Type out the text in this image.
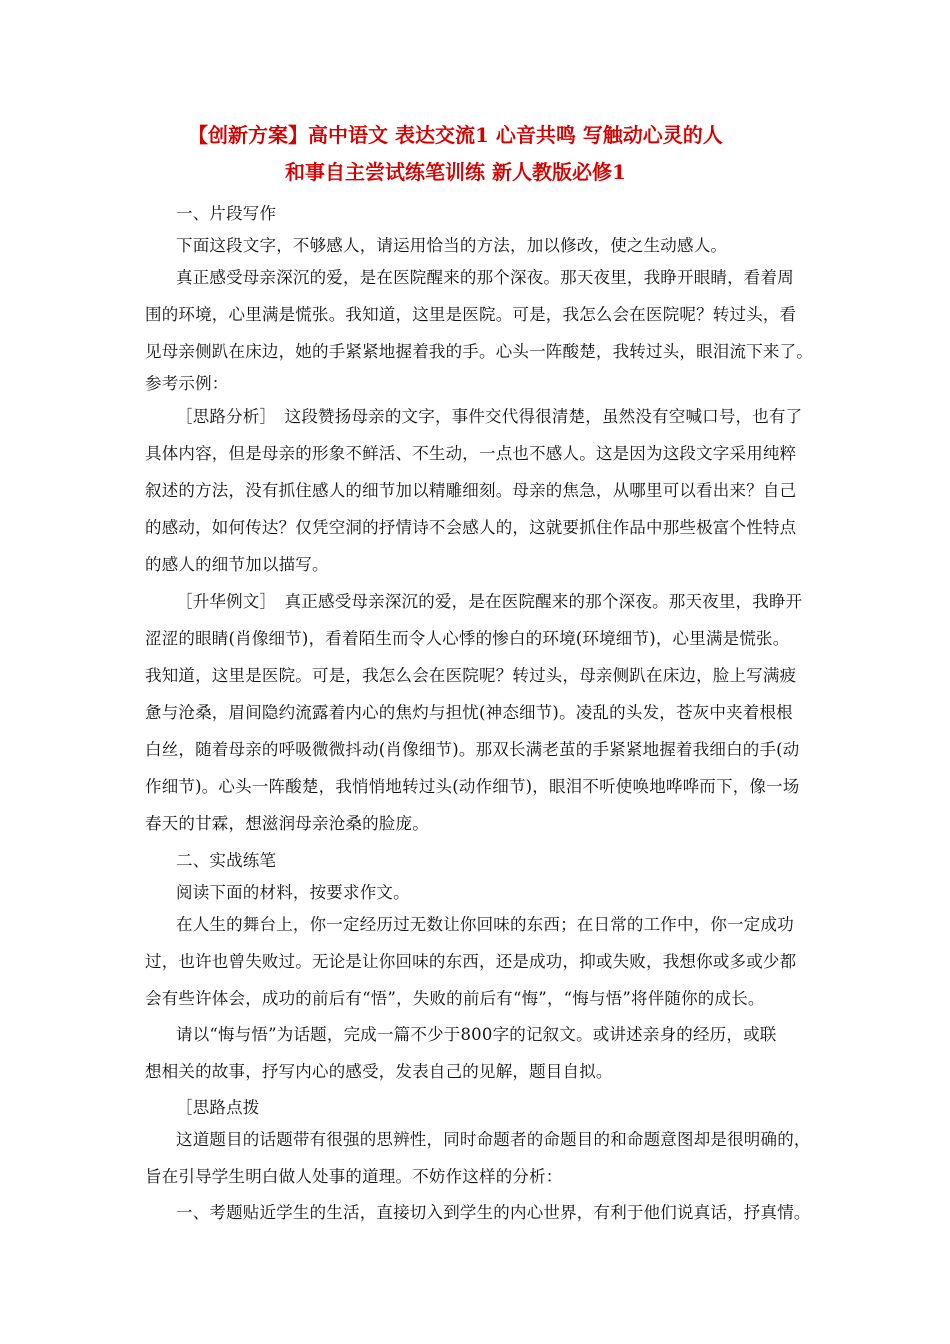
【创新方案】高中语文 表达交流1 心音共鸣 写触动心灵的人
和事自主尝试练笔训练 新人教版必修1
一、片段写作
下面这段文字，不够感人，请运用恰当的方法，加以修改，使之生动感人。
真正感受母亲深沉的爱，是在医院醒来的那个深夜。那天夜里，我睁开眼睛，看着周
围的环境，心里满是慌张。我知道，这里是医院。可是，我怎么会在医院呢？转过头，看
见母亲侧趴在床边，她的手紧紧地握着我的手。心头一阵酸楚，我转过头，眼泪流下来了。
参考示例：
［思路分析］　这段赞扬母亲的文字，事件交代得很清楚，虽然没有空喊口号，也有了
具体内容，但是母亲的形象不鲜活、不生动，一点也不感人。这是因为这段文字采用纯粹
叙述的方法，没有抓住感人的细节加以精雕细刻。母亲的焦急，从哪里可以看出来？自己
的感动，如何传达？仅凭空洞的抒情诗不会感人的，这就要抓住作品中那些极富个性特点
的感人的细节加以描写。
［升华例文］　真正感受母亲深沉的爱，是在医院醒来的那个深夜。那天夜里，我睁开
涩涩的眼睛(肖像细节)，看着陌生而令人心悸的惨白的环境(环境细节)，心里满是慌张。
我知道，这里是医院。可是，我怎么会在医院呢？转过头，母亲侧趴在床边，脸上写满疲
惫与沧桑，眉间隐约流露着内心的焦灼与担忧(神态细节)。凌乱的头发，苍灰中夹着根根
白丝，随着母亲的呼吸微微抖动(肖像细节)。那双长满老茧的手紧紧地握着我细白的手(动
作细节)。心头一阵酸楚，我悄悄地转过头(动作细节)，眼泪不听使唤地哗哗而下，像一场
春天的甘霖，想滋润母亲沧桑的脸庞。
二、实战练笔
阅读下面的材料，按要求作文。
在人生的舞台上，你一定经历过无数让你回味的东西；在日常的工作中，你一定成功
过，也许也曾失败过。无论是让你回味的东西，还是成功，抑或失败，我想你或多或少都
会有些许体会，成功的前后有“悟”，失败的前后有“悔”，“悔与悟”将伴随你的成长。
请以“悔与悟”为话题，完成一篇不少于800字的记叙文。或讲述亲身的经历，或联
想相关的故事，抒写内心的感受，发表自己的见解，题目自拟。
［思路点拨
这道题目的话题带有很强的思辨性，同时命题者的命题目的和命题意图却是很明确的，
旨在引导学生明白做人处事的道理。不妨作这样的分析：
一、考题贴近学生的生活，直接切入到学生的内心世界，有利于他们说真话，抒真情。
